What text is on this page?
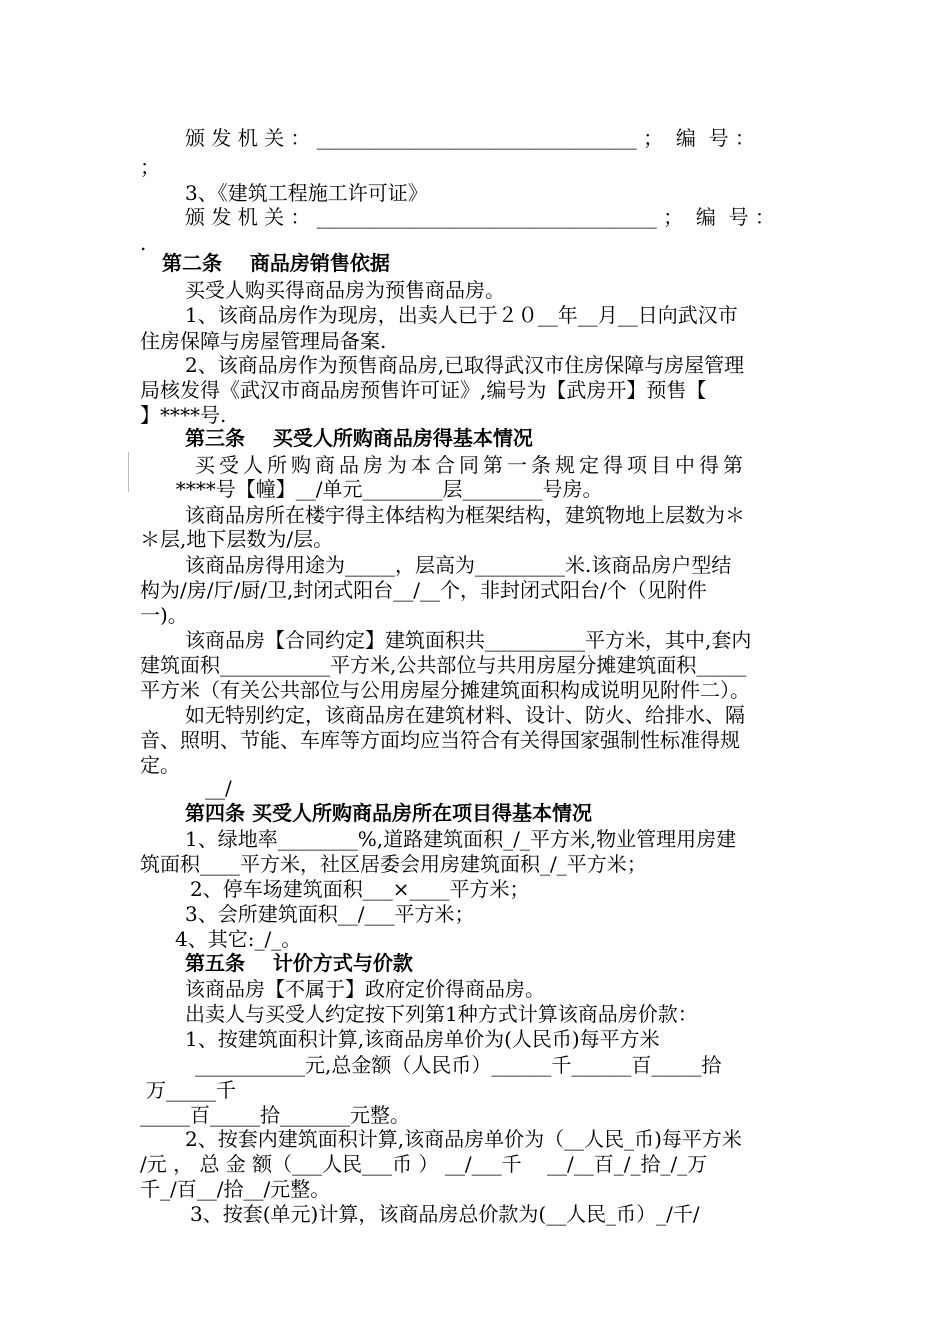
颁 发 机 关 ： ________________________________ ；  编  号 ：
；
3、《建筑工程施工许可证》
颁 发 机 关 ： __________________________________ ；  编  号 ：
.
第二条    商品房销售依据
买受人购买得商品房为预售商品房。
1、该商品房作为现房，出卖人已于２０__年__月__日向武汉市
住房保障与房屋管理局备案.
2、该商品房作为预售商品房,已取得武汉市住房保障与房屋管理
局核发得《武汉市商品房预售许可证》,编号为【武房开】预售【
】****号.
第三条    买受人所购商品房得基本情况
买受人所购商品房为本合同第一条规定得项目中得第
****号【幢】__/单元________层________号房。
该商品房所在楼宇得主体结构为框架结构，建筑物地上层数为＊
＊层,地下层数为/层。
该商品房得用途为_____，层高为_________米.该商品房户型结
构为/房/厅/厨/卫,封闭式阳台__/__个，非封闭式阳台/个（见附件
一)。
该商品房【合同约定】建筑面积共__________平方米，其中,套内
建筑面积___________平方米,公共部位与共用房屋分摊建筑面积_____
平方米（有关公共部位与公用房屋分摊建筑面积构成说明见附件二）。
如无特别约定，该商品房在建筑材料、设计、防火、给排水、隔
音、照明、节能、车库等方面均应当符合有关得国家强制性标准得规
定。
__/
第四条 买受人所购商品房所在项目得基本情况
1、绿地率________%,道路建筑面积_/_平方米,物业管理用房建
筑面积____平方米，社区居委会用房建筑面积_/_平方米；
2、停车场建筑面积___×____平方米；
3、会所建筑面积__/___平方米；
4、其它:_/_。
第五条    计价方式与价款
该商品房【不属于】政府定价得商品房。
出卖人与买受人约定按下列第1种方式计算该商品房价款：
1、按建筑面积计算,该商品房单价为(人民币)每平方米
___________元,总金额（人民币）______千______百_____拾
万_____千
_____百_____拾_______元整。
2、按套内建筑面积计算,该商品房单价为（__人民_币)每平方米
/元 ， 总 金 额（___人民___币 ） __/___千    __/__百_/_拾_/_万
千_/百__/拾__/元整。
3、按套(单元)计算，该商品房总价款为(__人民_币）_/千/
